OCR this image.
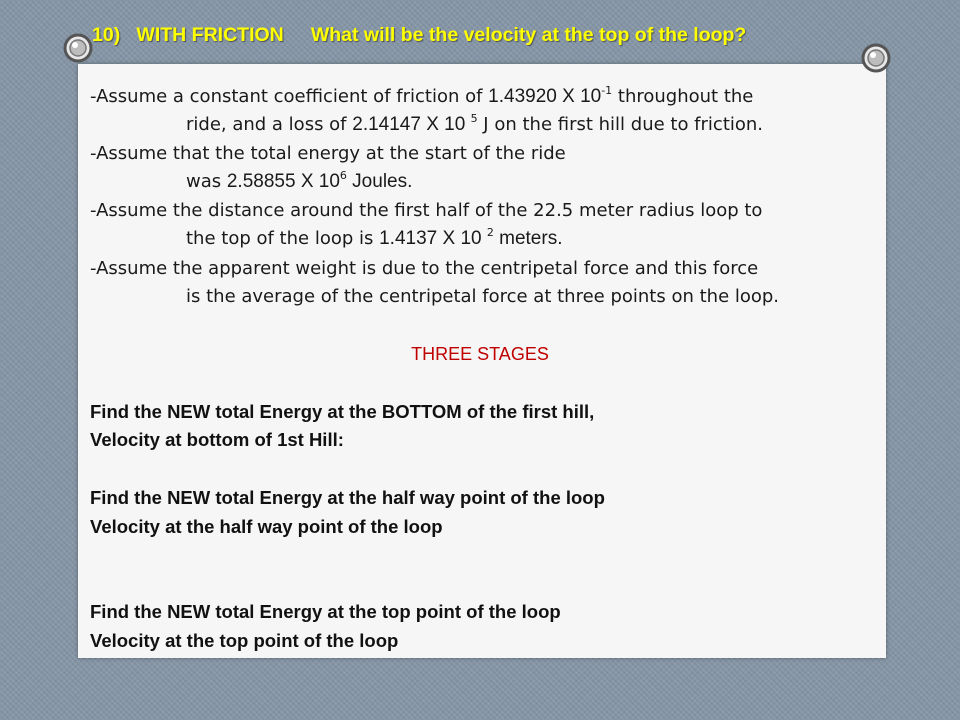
10)   WITH FRICTION     What will be the velocity at the top of the loop?
-Assume a constant coefficient of friction of 1.43920 X $10^{-1}$ throughout the
ride, and a loss of 2.14147 X 10 $^5$ J on the first hill due to friction.
-Assume that the total energy at the start of the ride
was 2.58855 X $10^6$ Joules.
-Assume the distance around the first half of the 22.5 meter radius loop to
the top of the loop is 1.4137 X 10 $^2$ meters.
-Assume the apparent weight is due to the centripetal force and this force
is the average of the centripetal force at three points on the loop.
THREE STAGES
Find the NEW total Energy at the BOTTOM of the first hill,
Velocity at bottom of 1st Hill:
Find the NEW total Energy at the half way point of the loop
Velocity at the half way point of the loop
Find the NEW total Energy at the top point of the loop
Velocity at the top point of the loop
